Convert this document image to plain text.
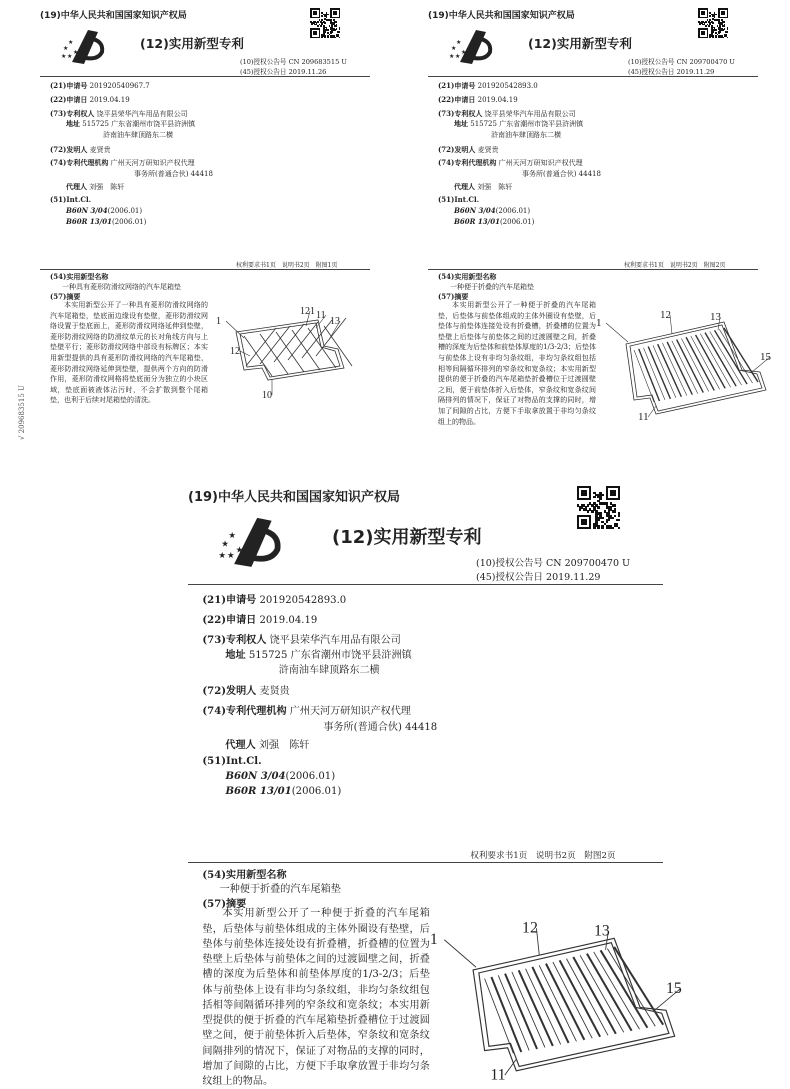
√ 209683515 U
(19)中华人民共和国国家知识产权局
★
★
★ ★
★
(12)实用新型专利
(10)授权公告号 CN 209683515 U
(45)授权公告日 2019.11.26
(21)申请号 201920540967.7
(22)申请日 2019.04.19
(73)专利权人 饶平县荣华汽车用品有限公司
地址 515725 广东省潮州市饶平县浒洲镇
浒南油车肆顶路东二横
(72)发明人 麦贤贵
(74)专利代理机构 广州天河万研知识产权代理
事务所(普通合伙) 44418
代理人 刘强　陈轩
(51)Int.Cl.
B60N 3/04(2006.01)
B60R 13/01(2006.01)
权利要求书1页　说明书2页　附图1页
(54)实用新型名称
一种具有菱形防滑纹网络的汽车尾箱垫
(57)摘要
本实用新型公开了一种具有菱形防滑纹网络的汽车尾箱垫，垫底面边缘设有垫壁，菱形防滑纹网络设置于垫底面上，菱形防滑纹网络延伸到垫壁，菱形防滑纹网络的防滑纹单元的长对角线方向与上垫壁平行；菱形防滑纹网络中部设有标牌区；本实用新型提供的具有菱形防滑纹网络的汽车尾箱垫，菱形防滑纹网络延伸到垫壁，提供两个方向的防滑作用，菱形防滑纹网格将垫底面分为独立的小块区域，垫底面被液体沾污时，不会扩散到整个尾箱垫，也利于后续对尾箱垫的清洗。
1
12
121 11
13
10
(19)中华人民共和国国家知识产权局
★
★
★ ★
★
(12)实用新型专利
(10)授权公告号 CN 209700470 U
(45)授权公告日 2019.11.29
(21)申请号 201920542893.0
(22)申请日 2019.04.19
(73)专利权人 饶平县荣华汽车用品有限公司
地址 515725 广东省潮州市饶平县浒洲镇
浒南油车肆顶路东二横
(72)发明人 麦贤贵
(74)专利代理机构 广州天河万研知识产权代理
事务所(普通合伙) 44418
代理人 刘强　陈轩
(51)Int.Cl.
B60N 3/04(2006.01)
B60R 13/01(2006.01)
权利要求书1页　说明书2页　附图2页
(54)实用新型名称
一种便于折叠的汽车尾箱垫
(57)摘要
本实用新型公开了一种便于折叠的汽车尾箱垫，后垫体与前垫体组成的主体外圈设有垫壁，后垫体与前垫体连接处设有折叠槽，折叠槽的位置为垫壁上后垫体与前垫体之间的过渡圆壁之间，折叠槽的深度为后垫体和前垫体厚度的1/3-2/3；后垫体与前垫体上设有非均匀条纹组，非均匀条纹组包括相等间隔循环排列的窄条纹和宽条纹；本实用新型提供的便于折叠的汽车尾箱垫折叠槽位于过渡圆壁之间，便于前垫体折入后垫体，窄条纹和宽条纹间隔排列的情况下，保证了对物品的支撑的同时，增加了间隙的占比，方便下手取拿放置于非均匀条纹组上的物品。
1
12	13
15
11
(19)中华人民共和国国家知识产权局
★
★
★ ★
★
(12)实用新型专利
(10)授权公告号 CN 209700470 U
(45)授权公告日 2019.11.29
(21)申请号 201920542893.0
(22)申请日 2019.04.19
(73)专利权人 饶平县荣华汽车用品有限公司
地址 515725 广东省潮州市饶平县浒洲镇
浒南油车肆顶路东二横
(72)发明人 麦贤贵
(74)专利代理机构 广州天河万研知识产权代理
事务所(普通合伙) 44418
代理人 刘强　陈轩
(51)Int.Cl.
B60N 3/04(2006.01)
B60R 13/01(2006.01)
权利要求书1页　说明书2页　附图2页
(54)实用新型名称
一种便于折叠的汽车尾箱垫
(57)摘要
本实用新型公开了一种便于折叠的汽车尾箱垫，后垫体与前垫体组成的主体外圈设有垫壁，后垫体与前垫体连接处设有折叠槽，折叠槽的位置为垫壁上后垫体与前垫体之间的过渡圆壁之间，折叠槽的深度为后垫体和前垫体厚度的1/3-2/3；后垫体与前垫体上设有非均匀条纹组，非均匀条纹组包括相等间隔循环排列的窄条纹和宽条纹；本实用新型提供的便于折叠的汽车尾箱垫折叠槽位于过渡圆壁之间，便于前垫体折入后垫体，窄条纹和宽条纹间隔排列的情况下，保证了对物品的支撑的同时，增加了间隙的占比，方便下手取拿放置于非均匀条纹组上的物品。
1
12	13
15
11
